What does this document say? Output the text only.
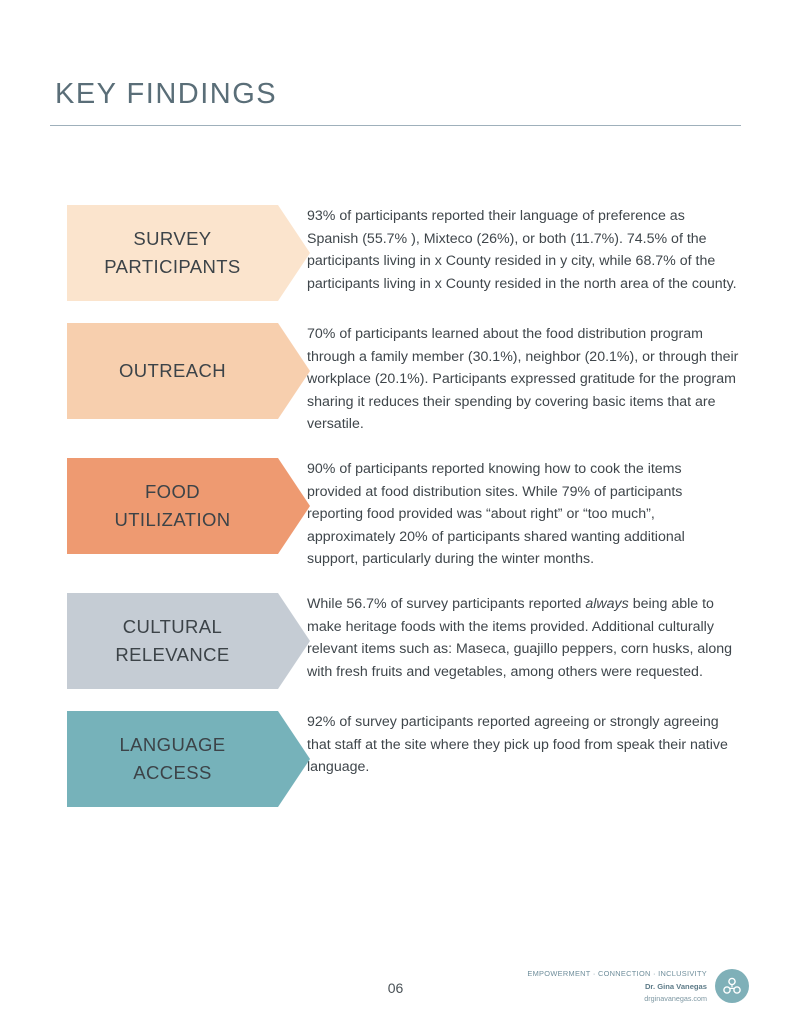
KEY FINDINGS
SURVEY
PARTICIPANTS
93% of participants reported their language of preference as Spanish (55.7% ), Mixteco (26%), or both (11.7%). 74.5% of the participants living in x County resided in y city, while 68.7% of the participants living in x County resided in the north area of the county.
OUTREACH
70% of participants learned about the food distribution program through a family member (30.1%), neighbor (20.1%), or through their workplace (20.1%). Participants expressed gratitude for the program sharing it reduces their spending by covering basic items that are versatile.
FOOD
UTILIZATION
90% of participants reported knowing how to cook the items provided at food distribution sites. While 79% of participants reporting food provided was “about right” or “too much”, approximately 20% of participants shared wanting additional support, particularly during the winter months.
CULTURAL
RELEVANCE
While 56.7% of survey participants reported always being able to make heritage foods with the items provided. Additional culturally relevant items such as: Maseca, guajillo peppers, corn husks, along with fresh fruits and vegetables, among others were requested.
LANGUAGE
ACCESS
92% of survey participants reported agreeing or strongly agreeing that staff at the site where they pick up food from speak their native language.
06
EMPOWERMENT · CONNECTION · INCLUSIVITY
Dr. Gina Vanegas
drginavanegas.com
